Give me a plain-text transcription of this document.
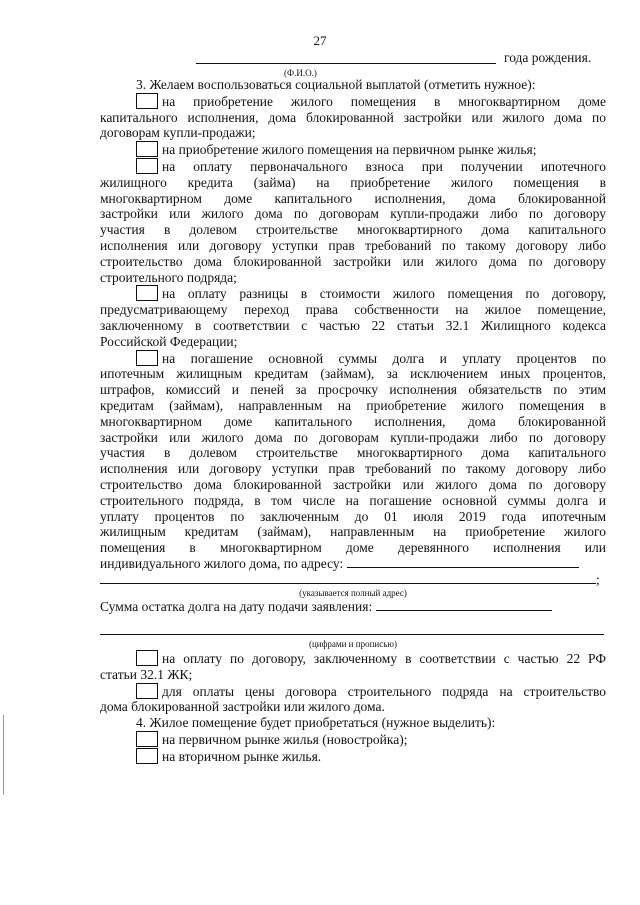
27
года рождения.
(Ф.И.О.)

3. Желаем воспользоваться социальной выплатой (отметить нужное):

на приобретение жилого помещения в многоквартирном доме

капитального исполнения, дома блокированной застройки или жилого дома по

договорам купли-продажи;

на приобретение жилого помещения на первичном рынке жилья;

на оплату первоначального взноса при получении ипотечного

жилищного кредита (займа) на приобретение жилого помещения в

многоквартирном доме капитального исполнения, дома блокированной

застройки или жилого дома по договорам купли-продажи либо по договору

участия в долевом строительстве многоквартирного дома капитального

исполнения или договору уступки прав требований по такому договору либо

строительство дома блокированной застройки или жилого дома по договору

строительного подряда;

на оплату разницы в стоимости жилого помещения по договору,

предусматривающему переход права собственности на жилое помещение,

заключенному в соответствии с частью 22 статьи 32.1 Жилищного кодекса

Российской Федерации;

на погашение основной суммы долга и уплату процентов по

ипотечным жилищным кредитам (займам), за исключением иных процентов,

штрафов, комиссий и пеней за просрочку исполнения обязательств по этим

кредитам (займам), направленным на приобретение жилого помещения в

многоквартирном доме капитального исполнения, дома блокированной

застройки или жилого дома по договорам купли-продажи либо по договору

участия в долевом строительстве многоквартирного дома капитального

исполнения или договору уступки прав требований по такому договору либо

строительство дома блокированной застройки или жилого дома по договору

строительного подряда, в том числе на погашение основной суммы долга и

уплату процентов по заключенным до 01 июля 2019 года ипотечным

жилищным кредитам (займам), направленным на приобретение жилого

помещения в многоквартирном доме деревянного исполнения или

индивидуального жилого дома, по адресу:

;

(указывается полный адрес)

Сумма остатка долга на дату подачи заявления:

(цифрами и прописью)

на оплату по договору, заключенному в соответствии с частью 22 РФ

статьи 32.1 ЖК;

для оплаты цены договора строительного подряда на строительство

дома блокированной застройки или жилого дома.

4. Жилое помещение будет приобретаться (нужное выделить):

на первичном рынке жилья (новостройка);

на вторичном рынке жилья.
